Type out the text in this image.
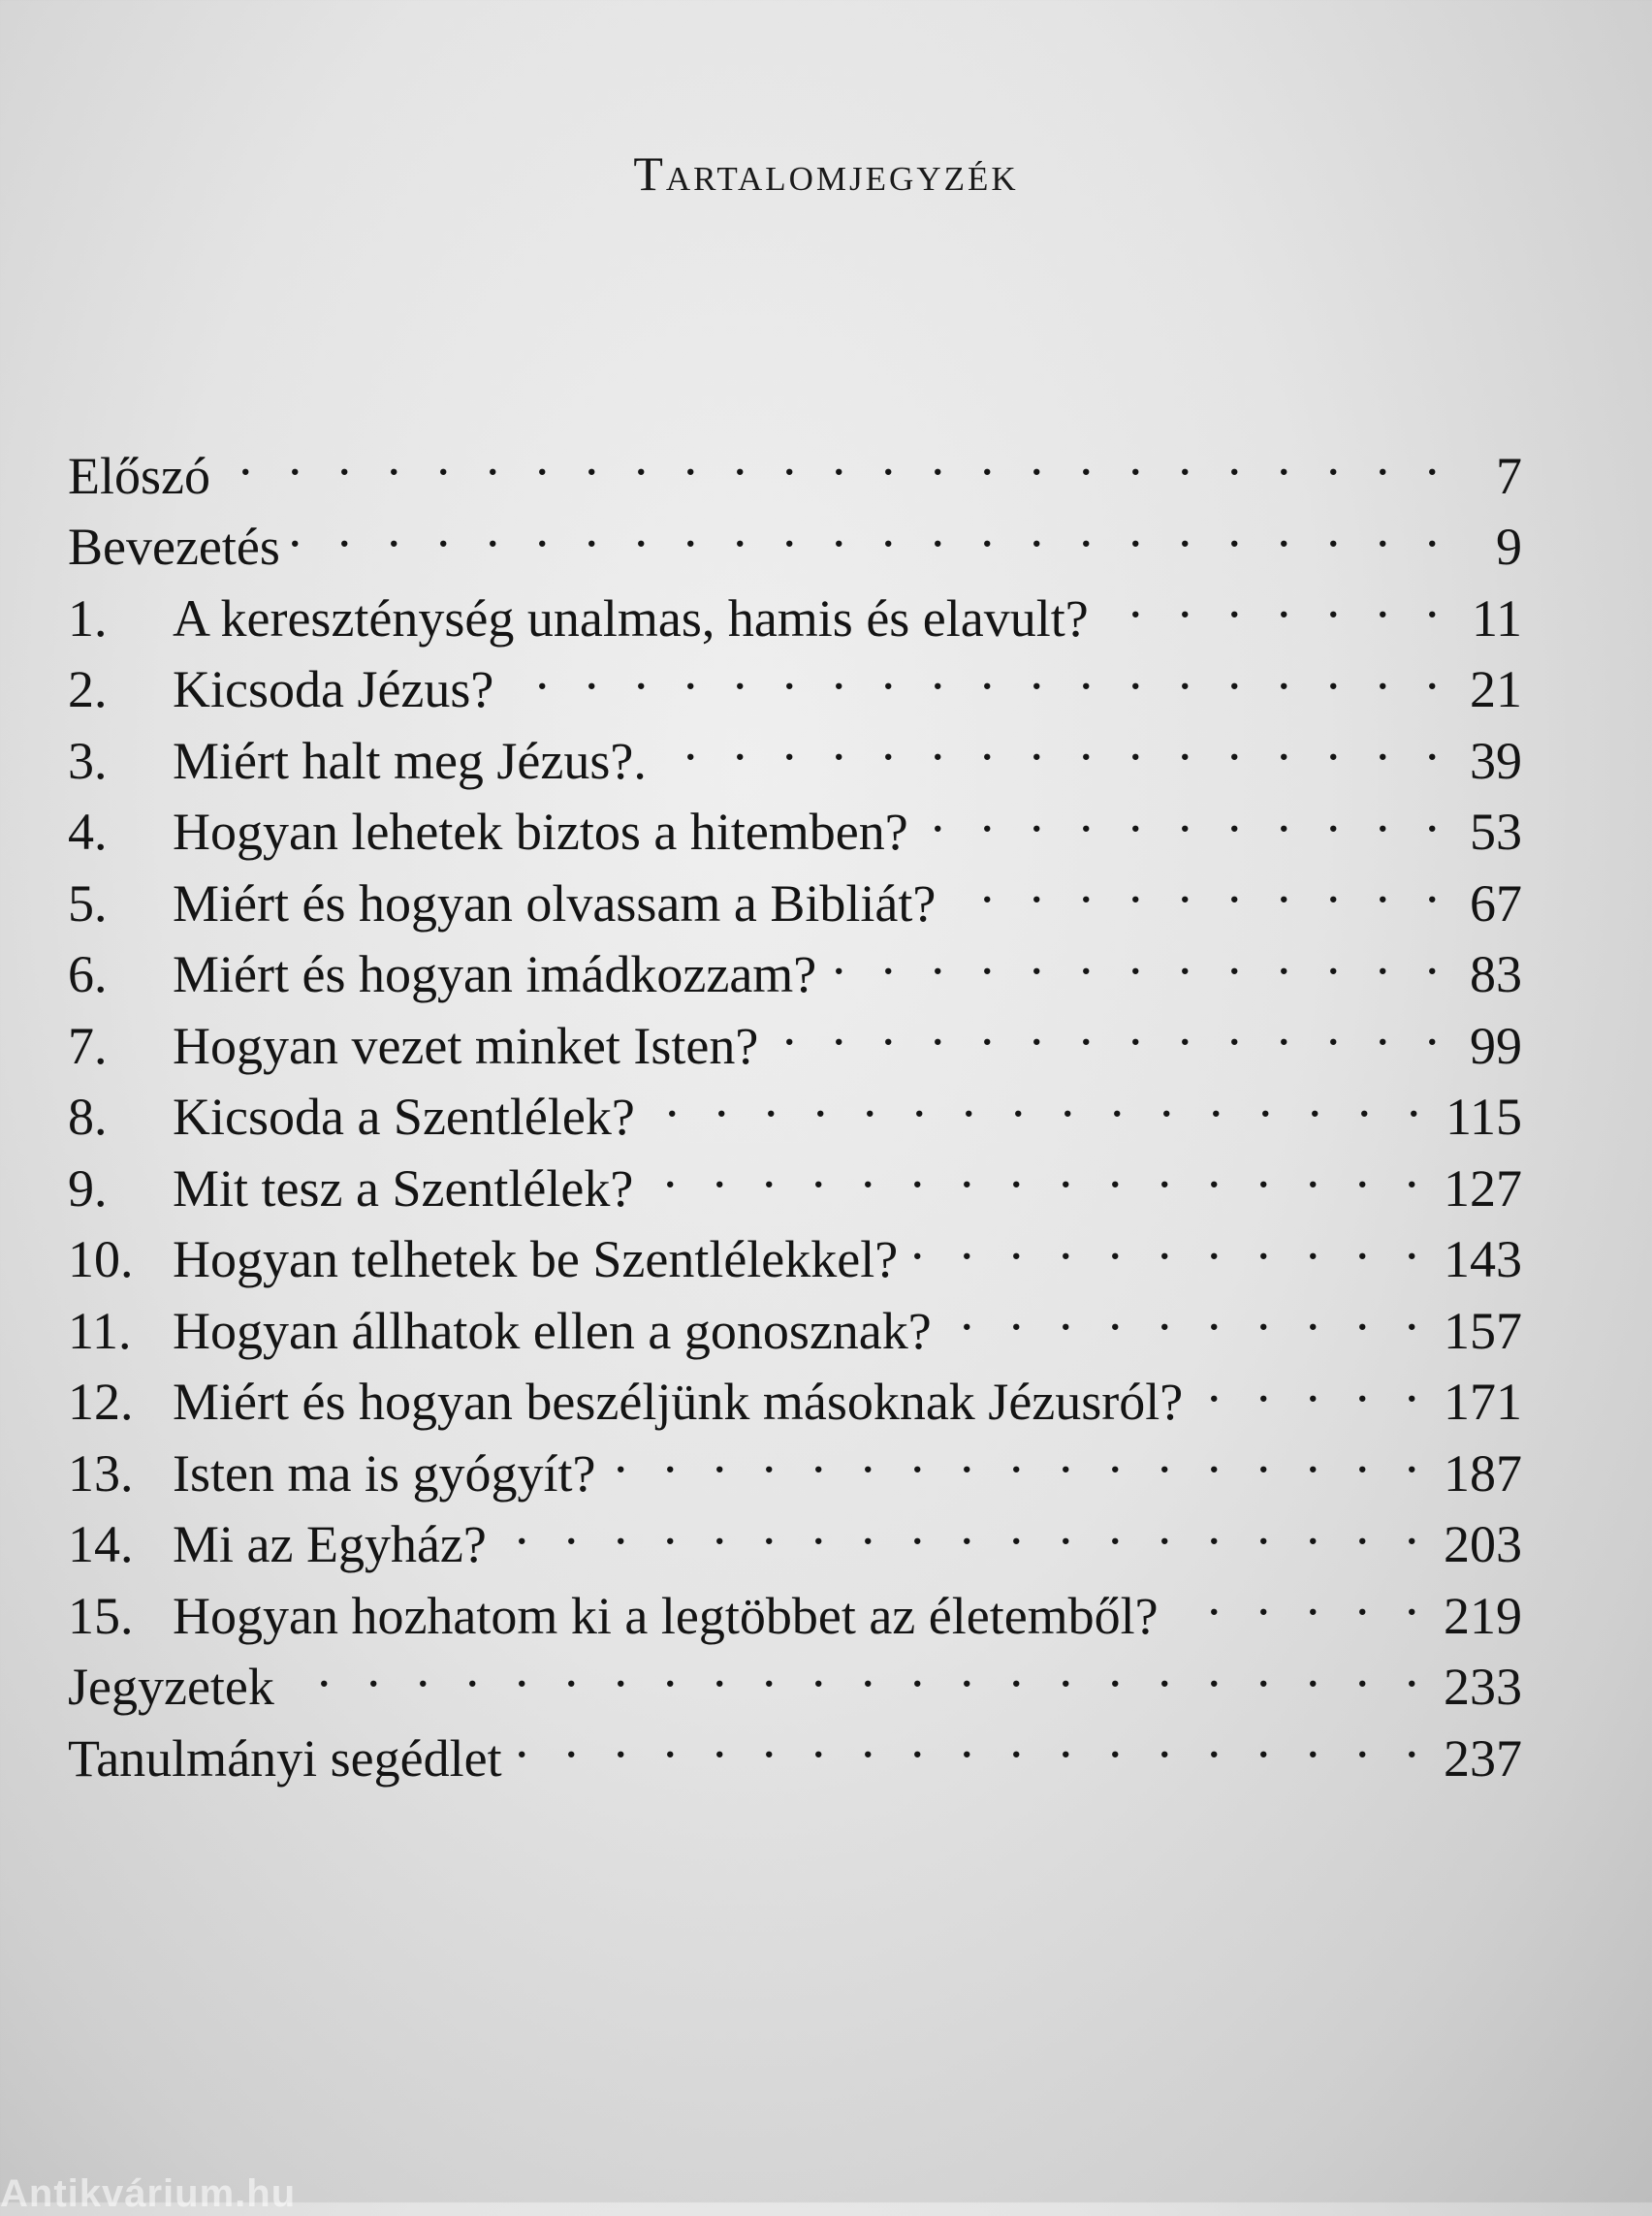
Tartalomjegyzék
Előszó . . .	7
Bevezetés . . .	9
1.	A kereszténység unalmas, hamis és elavult? . . .	11
2.	Kicsoda Jézus? . . .	21
3.	Miért halt meg Jézus?. . . .	39
4.	Hogyan lehetek biztos a hitemben? . . .	53
5.	Miért és hogyan olvassam a Bibliát? . . .	67
6.	Miért és hogyan imádkozzam? . . .	83
7.	Hogyan vezet minket Isten? . . .	99
8.	Kicsoda a Szentlélek? . . .	115
9.	Mit tesz a Szentlélek? . . .	127
10. Hogyan telhetek be Szentlélekkel? . . .	143
11. Hogyan állhatok ellen a gonosznak? . . .	157
12. Miért és hogyan beszéljünk másoknak Jézusról? . . .	171
13. Isten ma is gyógyít? . . .	187
14. Mi az Egyház? . . .	203
15. Hogyan hozhatom ki a legtöbbet az életemből? . . .	219
Jegyzetek . . .	233
Tanulmányi segédlet . . .	237
Antikvárium.hu
